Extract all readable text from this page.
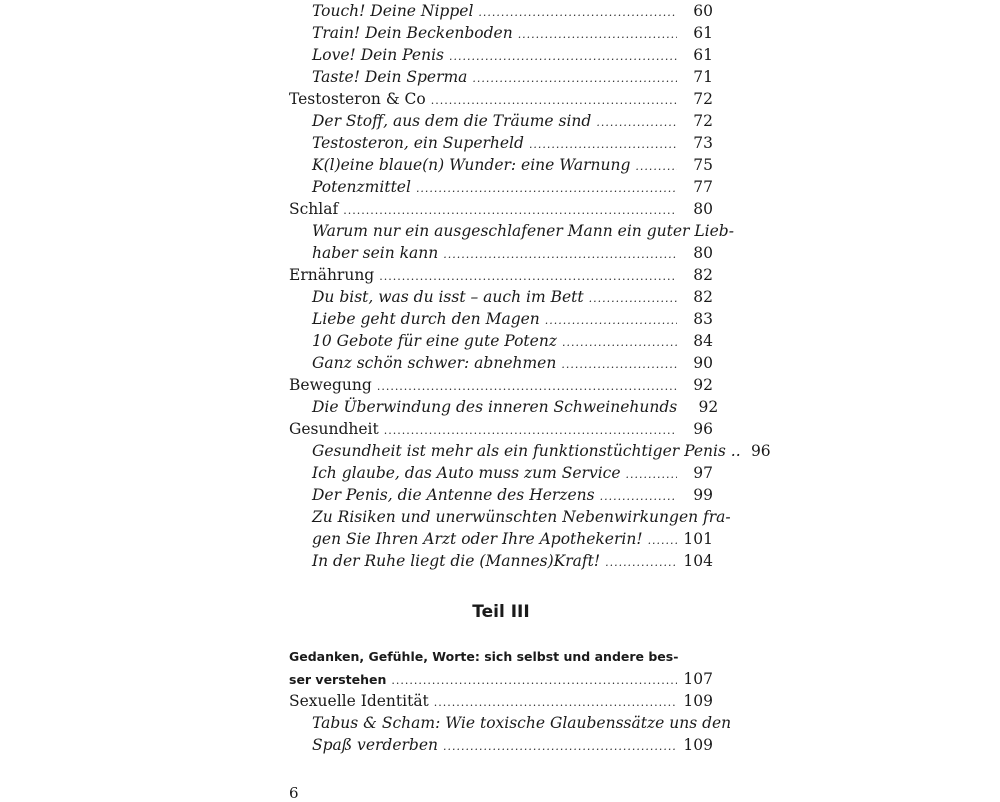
Touch! Deine Nippel .....	60
Train! Dein Beckenboden .....	61
Love! Dein Penis .....	61
Taste! Dein Sperma .....	71
Testosteron & Co .....	72
Der Stoff, aus dem die Träume sind .....	72
Testosteron, ein Superheld .....	73
K(l)eine blaue(n) Wunder: eine Warnung .....	75
Potenzmittel .....	77
Schlaf .....	80
Warum nur ein ausgeschlafener Mann ein guter Lieb-
haber sein kann .....	80
Ernährung .....	82
Du bist, was du isst – auch im Bett .....	82
Liebe geht durch den Magen .....	83
10 Gebote für eine gute Potenz .....	84
Ganz schön schwer: abnehmen .....	90
Bewegung .....	92
Die Überwindung des inneren Schweinehunds	92
Gesundheit .....	96
Gesundheit ist mehr als ein funktionstüchtiger Penis .. 96
Ich glaube, das Auto muss zum Service .....	97
Der Penis, die Antenne des Herzens .....	99
Zu Risiken und unerwünschten Nebenwirkungen fra-
gen Sie Ihren Arzt oder Ihre Apothekerin! .....	101
In der Ruhe liegt die (Mannes)Kraft! .....	104
Teil III
Gedanken, Gefühle, Worte: sich selbst und andere bes-
ser verstehen .....	107
Sexuelle Identität .....	109
Tabus & Scham: Wie toxische Glaubenssätze uns den
Spaß verderben .....	109
6
